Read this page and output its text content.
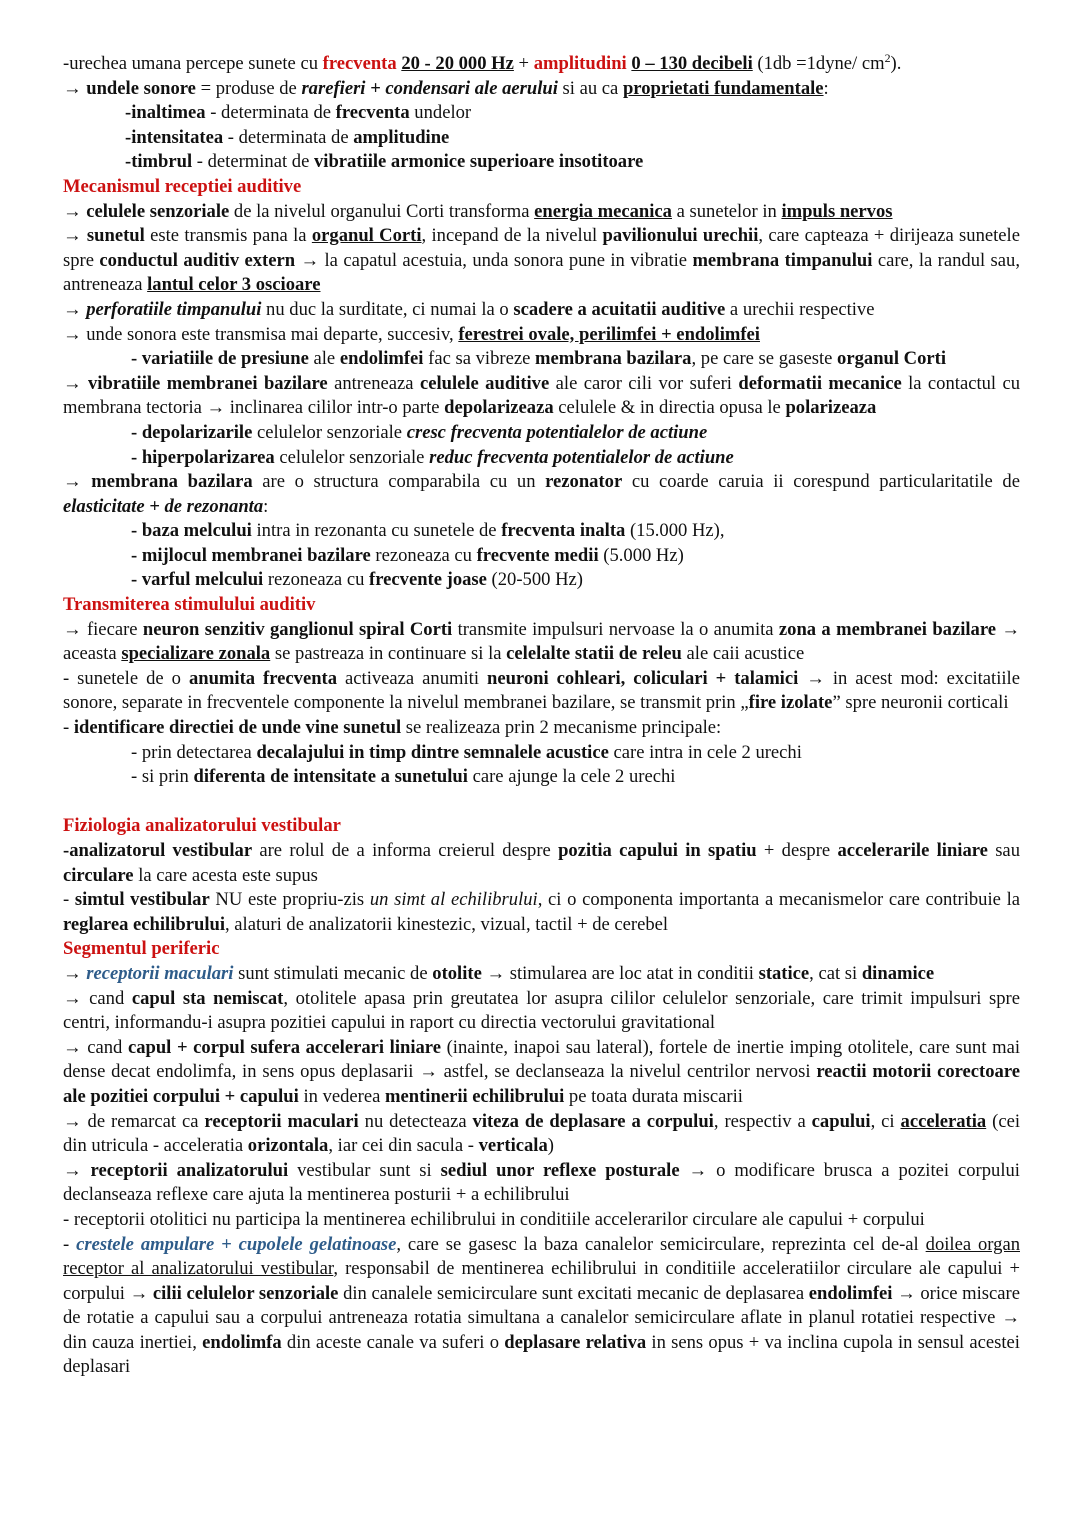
-urechea umana percepe sunete cu frecventa 20 - 20 000 Hz + amplitudini 0 – 130 decibeli (1db =1dyne/ $cm^2$).

→ undele sonore = produse de rarefieri + condensari ale aerului si au ca proprietati fundamentale:

-inaltimea - determinata de frecventa undelor

-intensitatea - determinata de amplitudine

-timbrul - determinat de vibratiile armonice superioare insotitoare

Mecanismul receptiei auditive

→ celulele senzoriale de la nivelul organului Corti transforma energia mecanica a sunetelor in impuls nervos

→ sunetul este transmis pana la organul Corti, incepand de la nivelul pavilionului urechii, care capteaza + dirijeaza sunetele spre conductul auditiv extern → la capatul acestuia, unda sonora pune in vibratie membrana timpanului care, la randul sau, antreneaza lantul celor 3 oscioare

→ perforatiile timpanului nu duc la surditate, ci numai la o scadere a acuitatii auditive a urechii respective

→ unde sonora este transmisa mai departe, succesiv, ferestrei ovale, perilimfei + endolimfei

- variatiile de presiune ale endolimfei fac sa vibreze membrana bazilara, pe care se gaseste organul Corti

→ vibratiile membranei bazilare antreneaza celulele auditive ale caror cili vor suferi deformatii mecanice la contactul cu membrana tectoria → inclinarea cililor intr-o parte depolarizeaza celulele & in directia opusa le polarizeaza

- depolarizarile celulelor senzoriale cresc frecventa potentialelor de actiune

- hiperpolarizarea celulelor senzoriale reduc frecventa potentialelor de actiune

→ membrana bazilara are o structura comparabila cu un rezonator cu coarde caruia ii corespund particularitatile de elasticitate + de rezonanta:

- baza melcului intra in rezonanta cu sunetele de frecventa inalta (15.000 Hz),

- mijlocul membranei bazilare rezoneaza cu frecvente medii (5.000 Hz)

- varful melcului rezoneaza cu frecvente joase (20-500 Hz)

Transmiterea stimulului auditiv

→ fiecare neuron senzitiv ganglionul spiral Corti transmite impulsuri nervoase la o anumita zona a membranei bazilare → aceasta specializare zonala se pastreaza in continuare si la celelalte statii de releu ale caii acustice

- sunetele de o anumita frecventa activeaza anumiti neuroni cohleari, coliculari + talamici → in acest mod: excitatiile sonore, separate in frecventele componente la nivelul membranei bazilare, se transmit prin „fire izolate” spre neuronii corticali

- identificare directiei de unde vine sunetul se realizeaza prin 2 mecanisme principale:

- prin detectarea decalajului in timp dintre semnalele acustice care intra in cele 2 urechi

- si prin diferenta de intensitate a sunetului care ajunge la cele 2 urechi

Fiziologia analizatorului vestibular

-analizatorul vestibular are rolul de a informa creierul despre pozitia capului in spatiu + despre accelerarile liniare sau circulare la care acesta este supus

- simtul vestibular NU este propriu-zis un simt al echilibrului, ci o componenta importanta a mecanismelor care contribuie la reglarea echilibrului, alaturi de analizatorii kinestezic, vizual, tactil + de cerebel

Segmentul periferic

→ receptorii maculari sunt stimulati mecanic de otolite → stimularea are loc atat in conditii statice, cat si dinamice

→ cand capul sta nemiscat, otolitele apasa prin greutatea lor asupra cililor celulelor senzoriale, care trimit impulsuri spre centri, informandu-i asupra pozitiei capului in raport cu directia vectorului gravitational

→ cand capul + corpul sufera accelerari liniare (inainte, inapoi sau lateral), fortele de inertie imping otolitele, care sunt mai dense decat endolimfa, in sens opus deplasarii → astfel, se declanseaza la nivelul centrilor nervosi reactii motorii corectoare ale pozitiei corpului + capului in vederea mentinerii echilibrului pe toata durata miscarii

→ de remarcat ca receptorii maculari nu detecteaza viteza de deplasare a corpului, respectiv a capului, ci acceleratia (cei din utricula - acceleratia orizontala, iar cei din sacula - verticala)

→ receptorii analizatorului vestibular sunt si sediul unor reflexe posturale → o modificare brusca a pozitei corpului declanseaza reflexe care ajuta la mentinerea posturii + a echilibrului

- receptorii otolitici nu participa la mentinerea echilibrului in conditiile accelerarilor circulare ale capului + corpului

- crestele ampulare + cupolele gelatinoase, care se gasesc la baza canalelor semicirculare, reprezinta cel de-al doilea organ receptor al analizatorului vestibular, responsabil de mentinerea echilibrului in conditiile acceleratiilor circulare ale capului + corpului → cilii celulelor senzoriale din canalele semicirculare sunt excitati mecanic de deplasarea endolimfei → orice miscare de rotatie a capului sau a corpului antreneaza rotatia simultana a canalelor semicirculare aflate in planul rotatiei respective → din cauza inertiei, endolimfa din aceste canale va suferi o deplasare relativa in sens opus + va inclina cupola in sensul acestei deplasari
